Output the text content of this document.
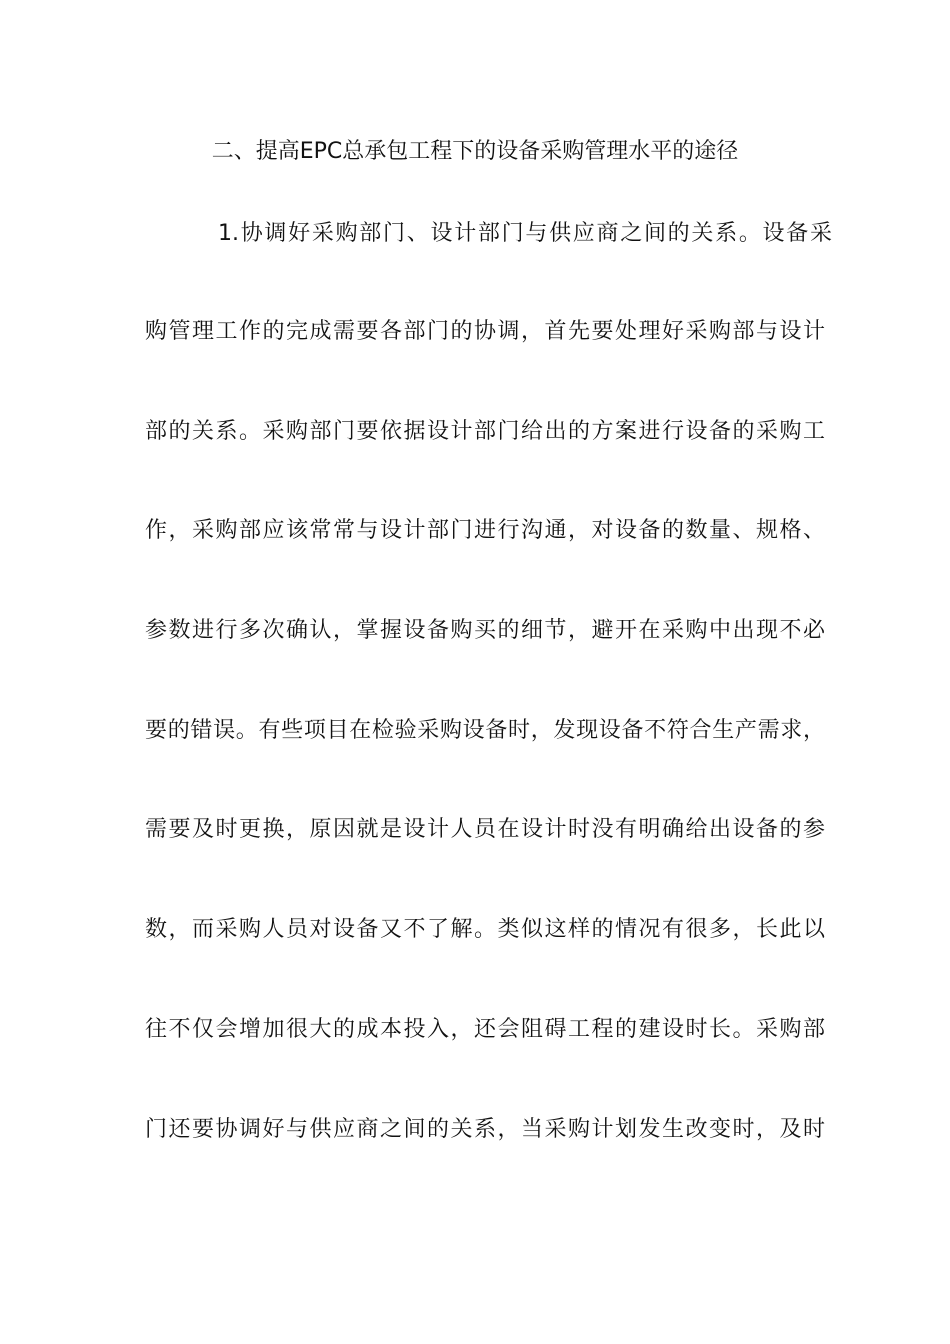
二、提高EPC总承包工程下的设备采购管理水平的途径
1.协调好采购部门、设计部门与供应商之间的关系。设备采
购管理工作的完成需要各部门的协调，首先要处理好采购部与设计
部的关系。采购部门要依据设计部门给出的方案进行设备的采购工
作，采购部应该常常与设计部门进行沟通，对设备的数量、规格、
参数进行多次确认，掌握设备购买的细节，避开在采购中出现不必
要的错误。有些项目在检验采购设备时，发现设备不符合生产需求，
需要及时更换，原因就是设计人员在设计时没有明确给出设备的参
数，而采购人员对设备又不了解。类似这样的情况有很多，长此以
往不仅会增加很大的成本投入，还会阻碍工程的建设时长。采购部
门还要协调好与供应商之间的关系，当采购计划发生改变时，及时
